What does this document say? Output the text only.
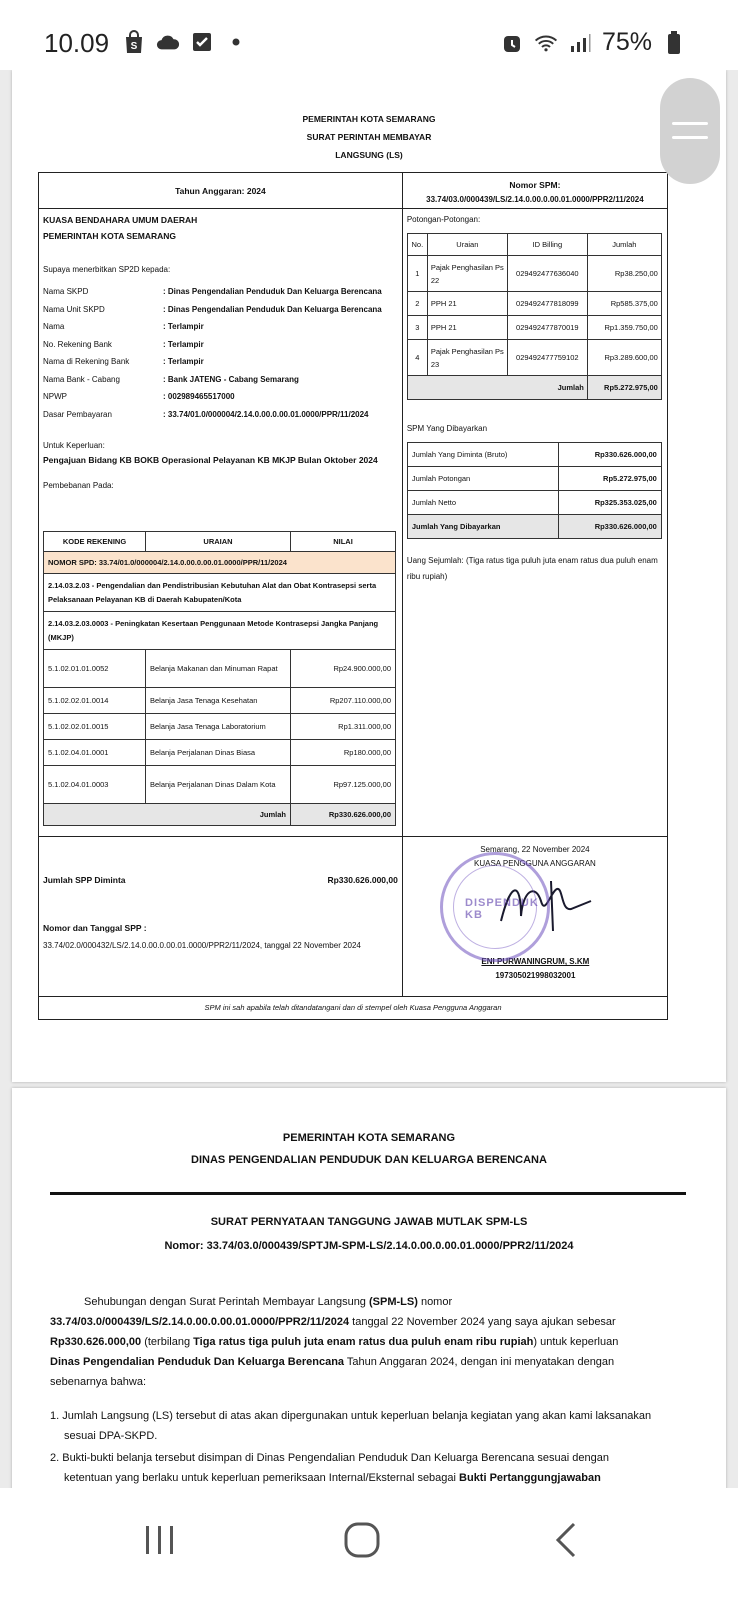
10.09 S	75%
PEMERINTAH KOTA SEMARANG
SURAT PERINTAH MEMBAYAR
LANGSUNG (LS)
Tahun Anggaran: 2024
Nomor SPM:
33.74/03.0/000439/LS/2.14.0.00.0.00.01.0000/PPR2/11/2024
KUASA BENDAHARA UMUM DAERAH
PEMERINTAH KOTA SEMARANG
Supaya menerbitkan SP2D kepada:
Nama SKPD	: Dinas Pengendalian Penduduk Dan Keluarga Berencana
Nama Unit SKPD	: Dinas Pengendalian Penduduk Dan Keluarga Berencana
Nama	: Terlampir
No. Rekening Bank	: Terlampir
Nama di Rekening Bank	: Terlampir
Nama Bank - Cabang	: Bank JATENG - Cabang Semarang
NPWP	: 002989465517000
Dasar Pembayaran	: 33.74/01.0/000004/2.14.0.00.0.00.01.0000/PPR/11/2024
Untuk Keperluan:
Pengajuan Bidang KB BOKB Operasional Pelayanan KB MKJP Bulan Oktober 2024
Pembebanan Pada:
KODE REKENING	URAIAN	NILAI
NOMOR SPD: 33.74/01.0/000004/2.14.0.00.0.00.01.0000/PPR/11/2024		
2.14.03.2.03 - Pengendalian dan Pendistribusian Kebutuhan Alat dan Obat Kontrasepsi serta Pelaksanaan Pelayanan KB di Daerah Kabupaten/Kota		
2.14.03.2.03.0003 - Peningkatan Kesertaan Penggunaan Metode Kontrasepsi Jangka Panjang (MKJP)		
5.1.02.01.01.0052	Belanja Makanan dan Minuman Rapat	Rp24.900.000,00
5.1.02.02.01.0014	Belanja Jasa Tenaga Kesehatan	Rp207.110.000,00
5.1.02.02.01.0015	Belanja Jasa Tenaga Laboratorium	Rp1.311.000,00
5.1.02.04.01.0001	Belanja Perjalanan Dinas Biasa	Rp180.000,00
5.1.02.04.01.0003	Belanja Perjalanan Dinas Dalam Kota	Rp97.125.000,00
Jumlah		Rp330.626.000,00
Potongan-Potongan:
No.	Uraian	ID Billing	Jumlah
1	Pajak Penghasilan Ps 22	029492477636040	Rp38.250,00
2	PPH 21	029492477818099	Rp585.375,00
3	PPH 21	029492477870019	Rp1.359.750,00
4	Pajak Penghasilan Ps 23	029492477759102	Rp3.289.600,00
Jumlah			Rp5.272.975,00
SPM Yang Dibayarkan
Jumlah Yang Diminta (Bruto)	Rp330.626.000,00
Jumlah Potongan	Rp5.272.975,00
Jumlah Netto	Rp325.353.025,00
Jumlah Yang Dibayarkan	Rp330.626.000,00
Uang Sejumlah: (Tiga ratus tiga puluh juta enam ratus dua puluh enam ribu rupiah)
Jumlah SPP Diminta	Rp330.626.000,00
Nomor dan Tanggal SPP :
33.74/02.0/000432/LS/2.14.0.00.0.00.01.0000/PPR2/11/2024, tanggal 22 November 2024
Semarang, 22 November 2024
KUASA PENGGUNA ANGGARAN
ENI PURWANINGRUM, S.KM
197305021998032001
SPM ini sah apabila telah ditandatangani dan di stempel oleh Kuasa Pengguna Anggaran
DISPENDUK KB
PEMERINTAH KOTA SEMARANG
DINAS PENGENDALIAN PENDUDUK DAN KELUARGA BERENCANA
SURAT PERNYATAAN TANGGUNG JAWAB MUTLAK SPM-LS
Nomor: 33.74/03.0/000439/SPTJM-SPM-LS/2.14.0.00.0.00.01.0000/PPR2/11/2024
Sehubungan dengan Surat Perintah Membayar Langsung (SPM-LS) nomor
33.74/03.0/000439/LS/2.14.0.00.0.00.01.0000/PPR2/11/2024 tanggal 22 November 2024 yang saya ajukan sebesar
Rp330.626.000,00 (terbilang Tiga ratus tiga puluh juta enam ratus dua puluh enam ribu rupiah) untuk keperluan
Dinas Pengendalian Penduduk Dan Keluarga Berencana Tahun Anggaran 2024, dengan ini menyatakan dengan
sebenarnya bahwa:
1. Jumlah Langsung (LS) tersebut di atas akan dipergunakan untuk keperluan belanja kegiatan yang akan kami laksanakan
sesuai DPA-SKPD.
2. Bukti-bukti belanja tersebut disimpan di Dinas Pengendalian Penduduk Dan Keluarga Berencana sesuai dengan
ketentuan yang berlaku untuk keperluan pemeriksaan Internal/Eksternal sebagai Bukti Pertanggungjawaban
